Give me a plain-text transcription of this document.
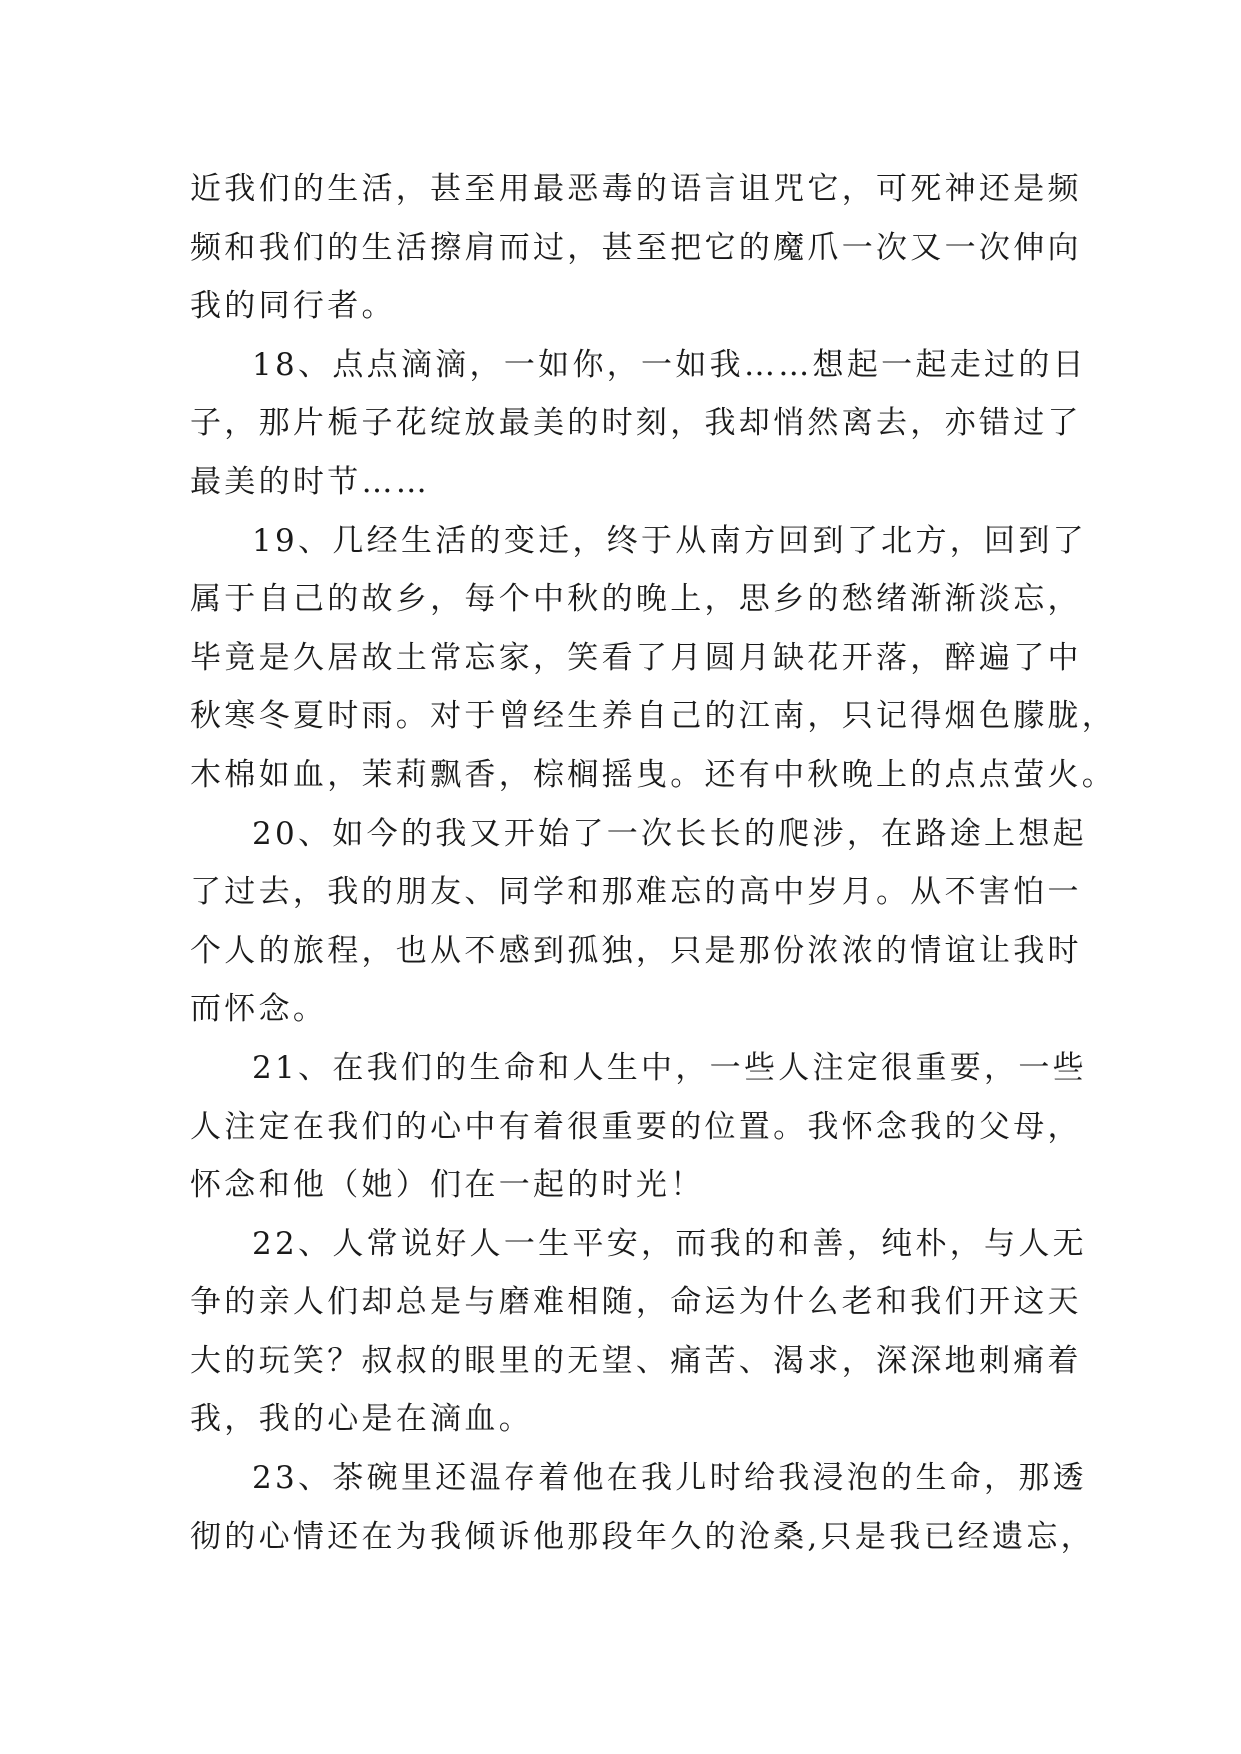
近我们的生活，甚至用最恶毒的语言诅咒它，可死神还是频
频和我们的生活擦肩而过，甚至把它的魔爪一次又一次伸向
我的同行者。
18、点点滴滴，一如你，一如我……想起一起走过的日
子，那片栀子花绽放最美的时刻，我却悄然离去，亦错过了
最美的时节……
19、几经生活的变迁，终于从南方回到了北方，回到了
属于自己的故乡，每个中秋的晚上，思乡的愁绪渐渐淡忘，
毕竟是久居故土常忘家，笑看了月圆月缺花开落，醉遍了中
秋寒冬夏时雨。对于曾经生养自己的江南，只记得烟色朦胧，
木棉如血，茉莉飘香，棕榈摇曳。还有中秋晚上的点点萤火。
20、如今的我又开始了一次长长的爬涉，在路途上想起
了过去，我的朋友、同学和那难忘的高中岁月。从不害怕一
个人的旅程，也从不感到孤独，只是那份浓浓的情谊让我时
而怀念。
21、在我们的生命和人生中，一些人注定很重要，一些
人注定在我们的心中有着很重要的位置。我怀念我的父母，
怀念和他（她）们在一起的时光！
22、人常说好人一生平安，而我的和善，纯朴，与人无
争的亲人们却总是与磨难相随，命运为什么老和我们开这天
大的玩笑？叔叔的眼里的无望、痛苦、渴求，深深地刺痛着
我，我的心是在滴血。
23、茶碗里还温存着他在我儿时给我浸泡的生命，那透
彻的心情还在为我倾诉他那段年久的沧桑,只是我已经遗忘，
